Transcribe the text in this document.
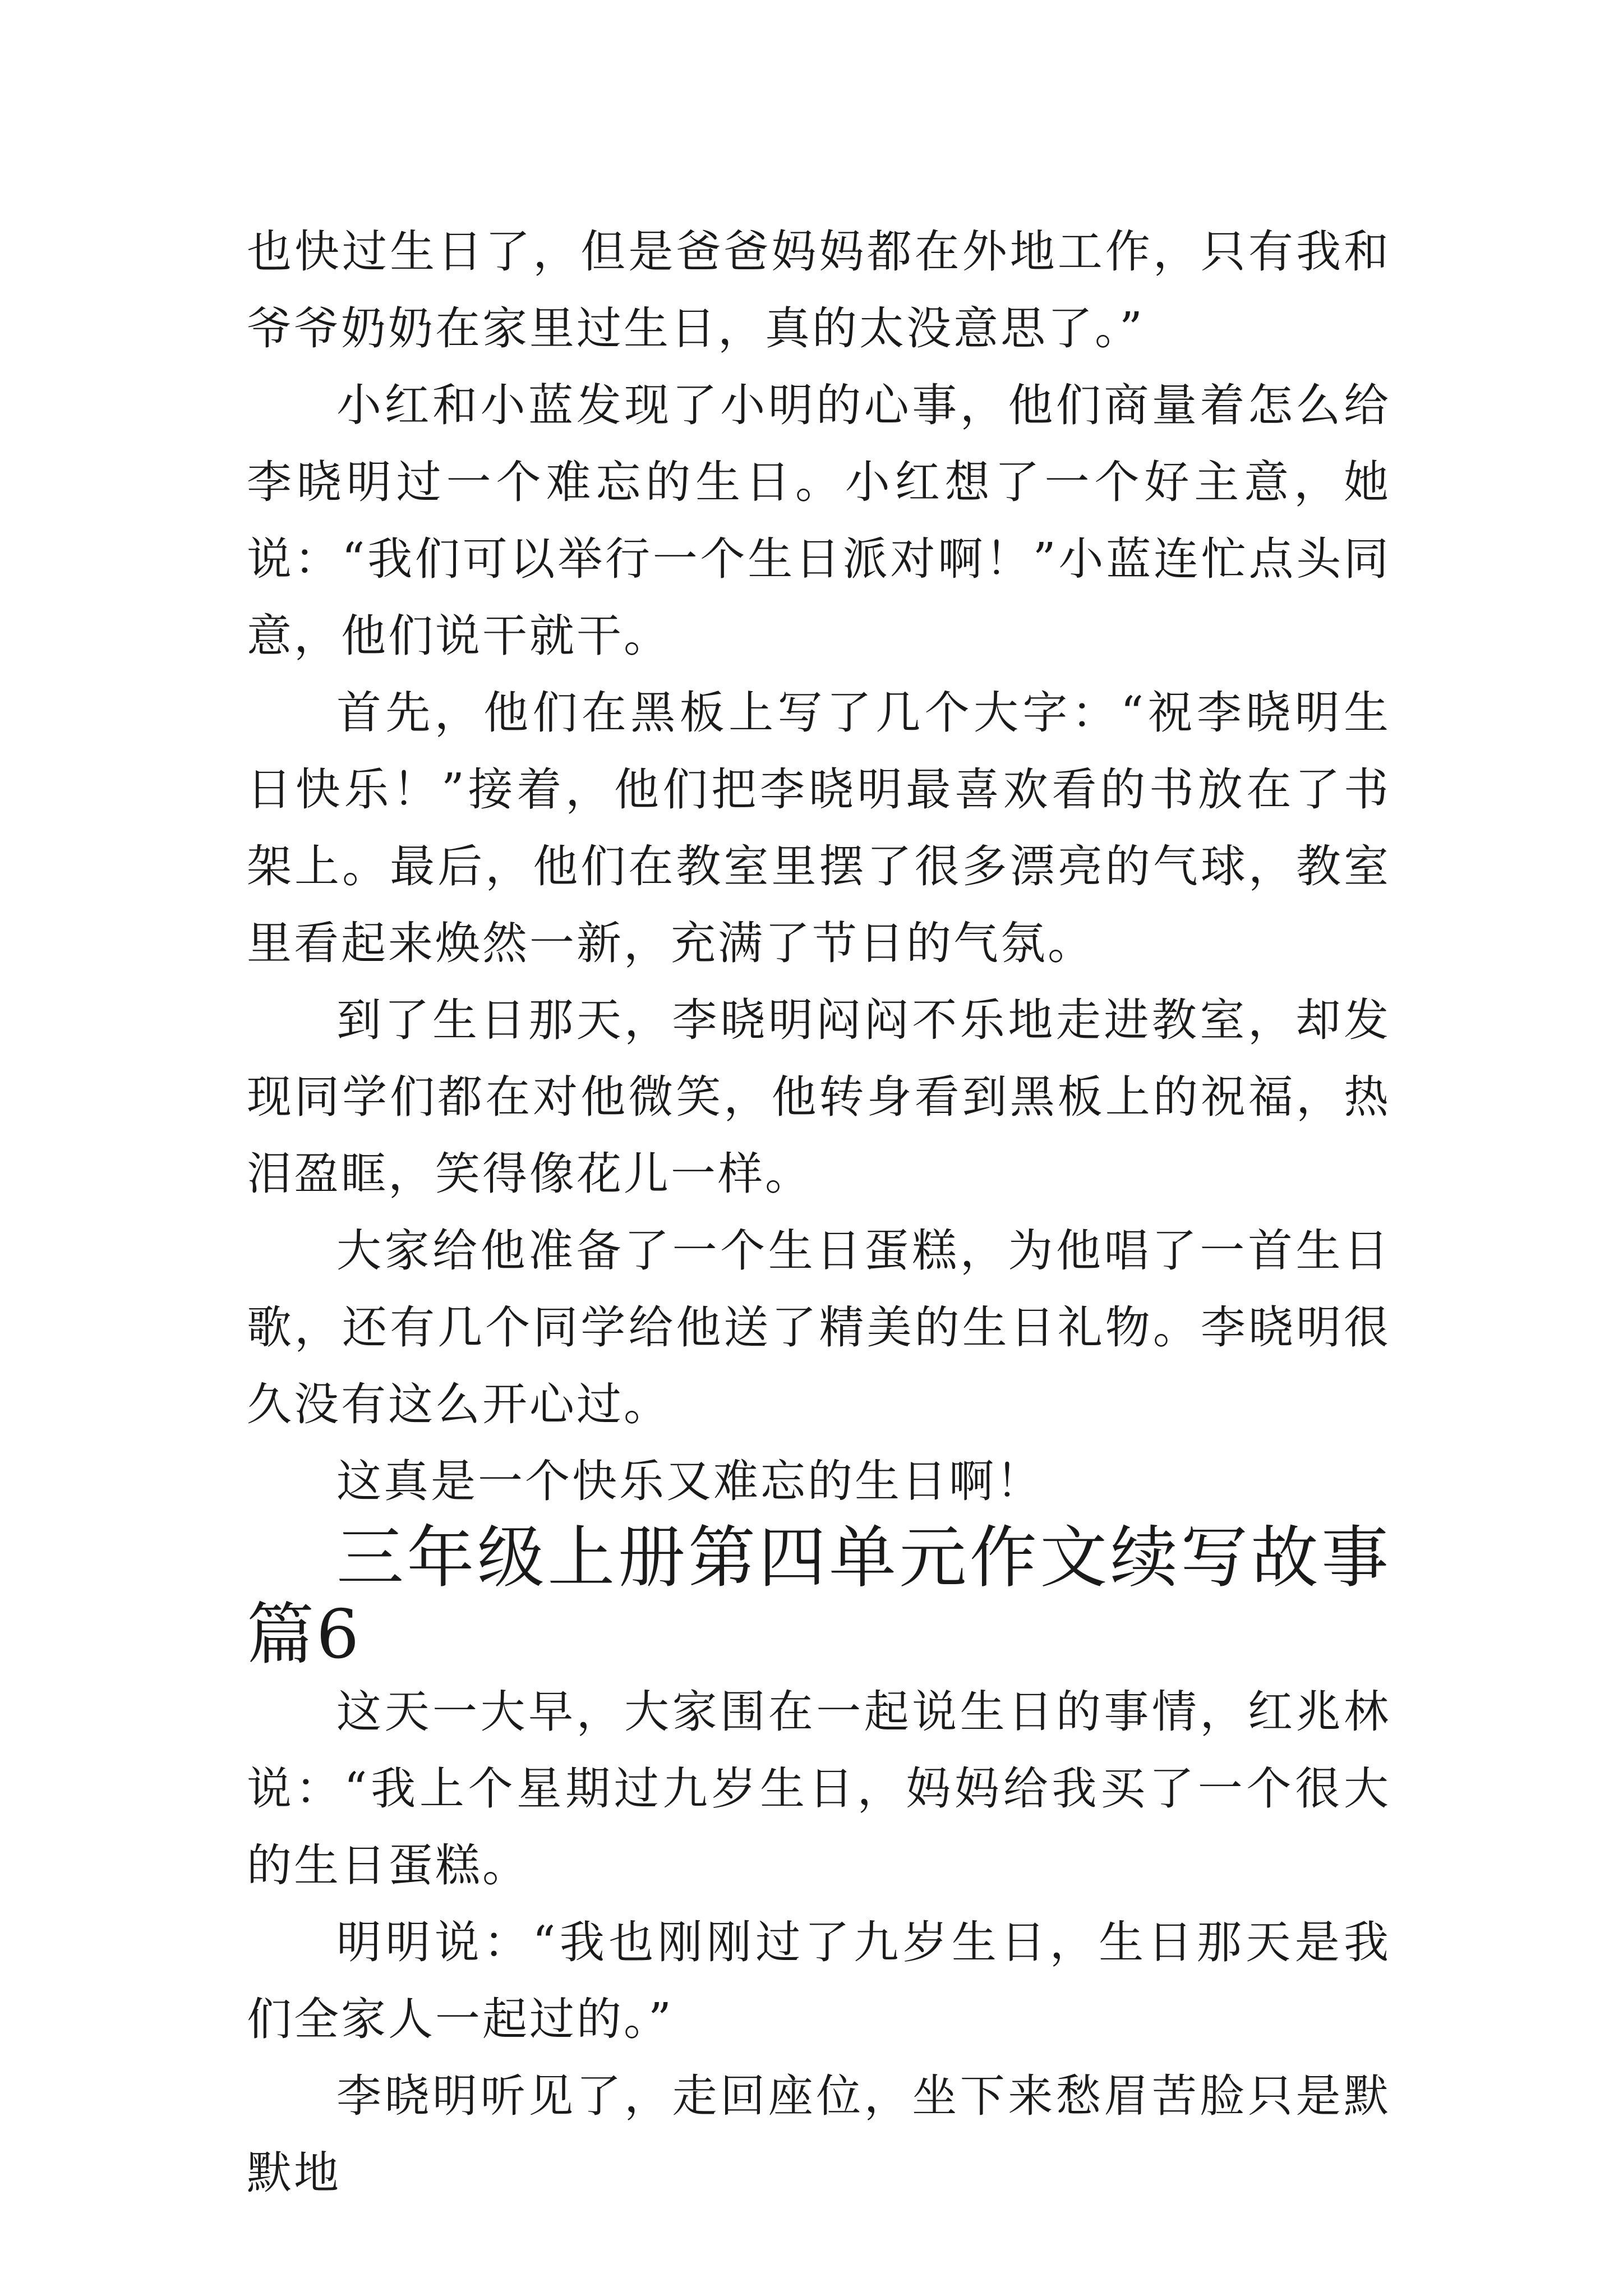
也快过生日了，但是爸爸妈妈都在外地工作，只有我和爷爷奶奶在家里过生日，真的太没意思了。”

小红和小蓝发现了小明的心事，他们商量着怎么给李晓明过一个难忘的生日。小红想了一个好主意，她说：“我们可以举行一个生日派对啊！”小蓝连忙点头同意，他们说干就干。

首先，他们在黑板上写了几个大字：“祝李晓明生日快乐！”接着，他们把李晓明最喜欢看的书放在了书架上。最后，他们在教室里摆了很多漂亮的气球，教室里看起来焕然一新，充满了节日的气氛。

到了生日那天，李晓明闷闷不乐地走进教室，却发现同学们都在对他微笑，他转身看到黑板上的祝福，热泪盈眶，笑得像花儿一样。

大家给他准备了一个生日蛋糕，为他唱了一首生日歌，还有几个同学给他送了精美的生日礼物。李晓明很久没有这么开心过。

这真是一个快乐又难忘的生日啊！

三年级上册第四单元作文续写故事篇6

这天一大早，大家围在一起说生日的事情，红兆林说：“我上个星期过九岁生日，妈妈给我买了一个很大的生日蛋糕。

明明说：“我也刚刚过了九岁生日，生日那天是我们全家人一起过的。”

李晓明听见了，走回座位，坐下来愁眉苦脸只是默默地
